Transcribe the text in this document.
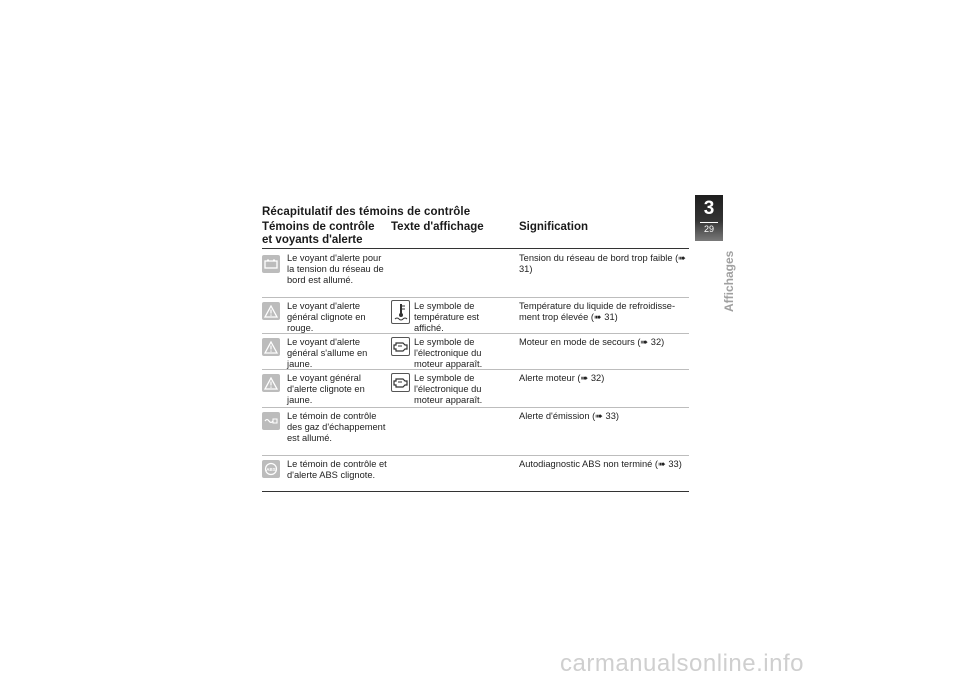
Récapitulatif des témoins de contrôle
Témoins de contrôle et voyants d'alerte
Texte d'affichage	Signification
Le voyant d'alerte pour la tension du réseau de bord est allumé.
Tension du réseau de bord trop faible (➠ 31)
Le voyant d'alerte général clignote en rouge.
Le symbole de température est affiché.
Température du liquide de refroidisse-ment trop élevée (➠ 31)
Le voyant d'alerte général s'allume en jaune.
Le symbole de l'électronique du moteur apparaît.
Moteur en mode de secours (➠ 32)
Le voyant général d'alerte clignote en jaune.
Le symbole de l'électronique du moteur apparaît.
Alerte moteur (➠ 32)
Le témoin de contrôle des gaz d'échappement est allumé.
Alerte d'émission (➠ 33)
ABS
Le témoin de contrôle et d'alerte ABS clignote.
Autodiagnostic ABS non terminé (➠ 33)
3
29
Affichages
carmanualsonline.info
